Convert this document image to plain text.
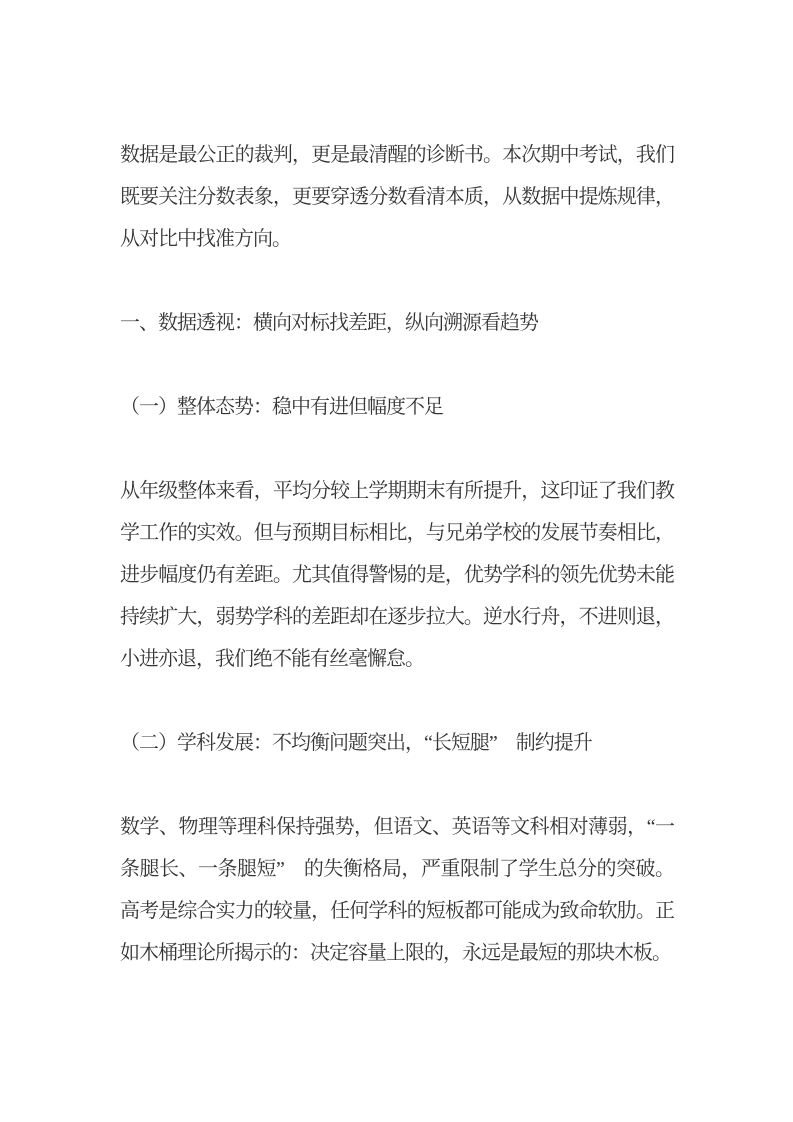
数据是最公正的裁判，更是最清醒的诊断书。本次期中考试，我们既要关注分数表象，更要穿透分数看清本质，从数据中提炼规律，从对比中找准方向。

一、数据透视：横向对标找差距，纵向溯源看趋势
（一）整体态势：稳中有进但幅度不足

从年级整体来看，平均分较上学期期末有所提升，这印证了我们教学工作的实效。但与预期目标相比，与兄弟学校的发展节奏相比，进步幅度仍有差距。尤其值得警惕的是，优势学科的领先优势未能持续扩大，弱势学科的差距却在逐步拉大。逆水行舟，不进则退，小进亦退，我们绝不能有丝毫懈怠。

（二）学科发展：不均衡问题突出，“长短腿”　制约提升

数学、物理等理科保持强势，但语文、英语等文科相对薄弱，“一条腿长、一条腿短”　的失衡格局，严重限制了学生总分的突破。高考是综合实力的较量，任何学科的短板都可能成为致命软肋。正如木桶理论所揭示的：决定容量上限的，永远是最短的那块木板。
